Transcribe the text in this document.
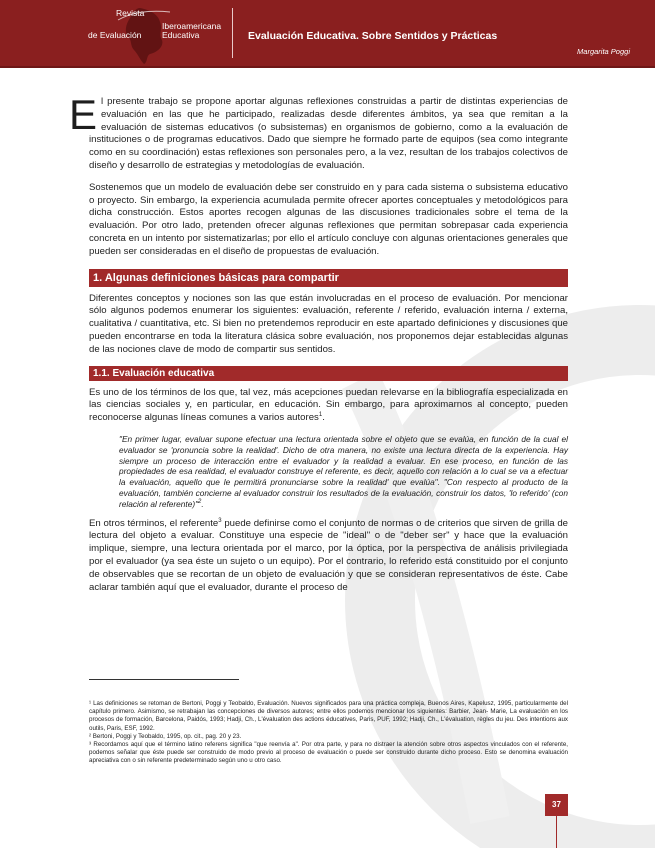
Revista
Iberoamericana
de Evaluación Educativa	Evaluación Educativa. Sobre Sentidos y Prácticas
Margarita Poggi

El presente trabajo se propone aportar algunas reflexiones construidas a partir de distintas experiencias de evaluación en las que he participado, realizadas desde diferentes ámbitos, ya sea que remitan a la evaluación de sistemas educativos (o subsistemas) en organismos de gobierno, como a la evaluación de instituciones o de programas educativos. Dado que siempre he formado parte de equipos (sea como integrante como en su coordinación) estas reflexiones son personales pero, a la vez, resultan de los trabajos colectivos de diseño y desarrollo de estrategias y metodologías de evaluación.

Sostenemos que un modelo de evaluación debe ser construido en y para cada sistema o subsistema educativo o proyecto. Sin embargo, la experiencia acumulada permite ofrecer aportes conceptuales y metodológicos para dicha construcción. Estos aportes recogen algunas de las discusiones tradicionales sobre el tema de la evaluación. Por otro lado, pretenden ofrecer algunas reflexiones que permitan sobrepasar cada experiencia concreta en un intento por sistematizarlas; por ello el artículo concluye con algunas orientaciones generales que pueden ser consideradas en el diseño de propuestas de evaluación.

1. Algunas definiciones básicas para compartir

Diferentes conceptos y nociones son las que están involucradas en el proceso de evaluación. Por mencionar sólo algunos podemos enumerar los siguientes: evaluación, referente / referido, evaluación interna / externa, cualitativa / cuantitativa, etc. Si bien no pretendemos reproducir en este apartado definiciones y discusiones que pueden encontrarse en toda la literatura clásica sobre evaluación, nos proponemos dejar establecidas algunas de las nociones clave de modo de compartir sus sentidos.

1.1. Evaluación educativa

Es uno de los términos de los que, tal vez, más acepciones puedan relevarse en la bibliografía especializada en las ciencias sociales y, en particular, en educación. Sin embargo, para aproximarnos al concepto, pueden reconocerse algunas líneas comunes a varios autores$^1$.

"En primer lugar, evaluar supone efectuar una lectura orientada sobre el objeto que se evalúa, en función de la cual el evaluador se 'pronuncia sobre la realidad'. Dicho de otra manera, no existe una lectura directa de la experiencia. Hay siempre un proceso de interacción entre el evaluador y la realidad a evaluar. En ese proceso, en función de las propiedades de esa realidad, el evaluador construye el referente, es decir, aquello con relación a lo cual se va a efectuar la evaluación, aquello que le permitirá pronunciarse sobre la realidad' que evalúa". "Con respecto al producto de la evaluación, también concierne al evaluador construir los resultados de la evaluación, construir los datos, 'lo referido' (con relación al referente)"$^2$.

En otros términos, el referente$^3$ puede definirse como el conjunto de normas o de criterios que sirven de grilla de lectura del objeto a evaluar. Constituye una especie de "ideal" o de "deber ser" y hace que la evaluación implique, siempre, una lectura orientada por el marco, por la óptica, por la perspectiva de análisis privilegiada por el evaluador (ya sea éste un sujeto o un equipo). Por el contrario, lo referido está constituido por el conjunto de observables que se recortan de un objeto de evaluación y que se consideran representativos de éste. Cabe aclarar también aquí que el evaluador, durante el proceso de

¹ Las definiciones se retoman de Bertoni, Poggi y Teobaldo, Evaluación. Nuevos significados para una práctica compleja, Buenos Aires, Kapelusz, 1995, particularmente del capítulo primero. Asimismo, se retrabajan las concepciones de diversos autores; entre ellos podemos mencionar los siguientes: Barbier, Jean- Marie, La evaluación en los procesos de formación, Barcelona, Paidós, 1993; Hadji, Ch., L'évaluation des actions éducatives, Paris, PUF, 1992; Hadji, Ch., L'évaluation, règles du jeu. Des intentions aux outils, Paris, ESF, 1992.
² Bertoni, Poggi y Teobaldo, 1995, op. cit., pag. 20 y 23.
³ Recordamos aquí que el término latino referens significa "que reenvía a". Por otra parte, y para no distraer la atención sobre otros aspectos vinculados con el referente, podemos señalar que éste puede ser construido de modo previo al proceso de evaluación o puede ser construido durante dicho proceso. Esto se denomina evaluación apreciativa con o sin referente predeterminado según uno u otro caso.
37
